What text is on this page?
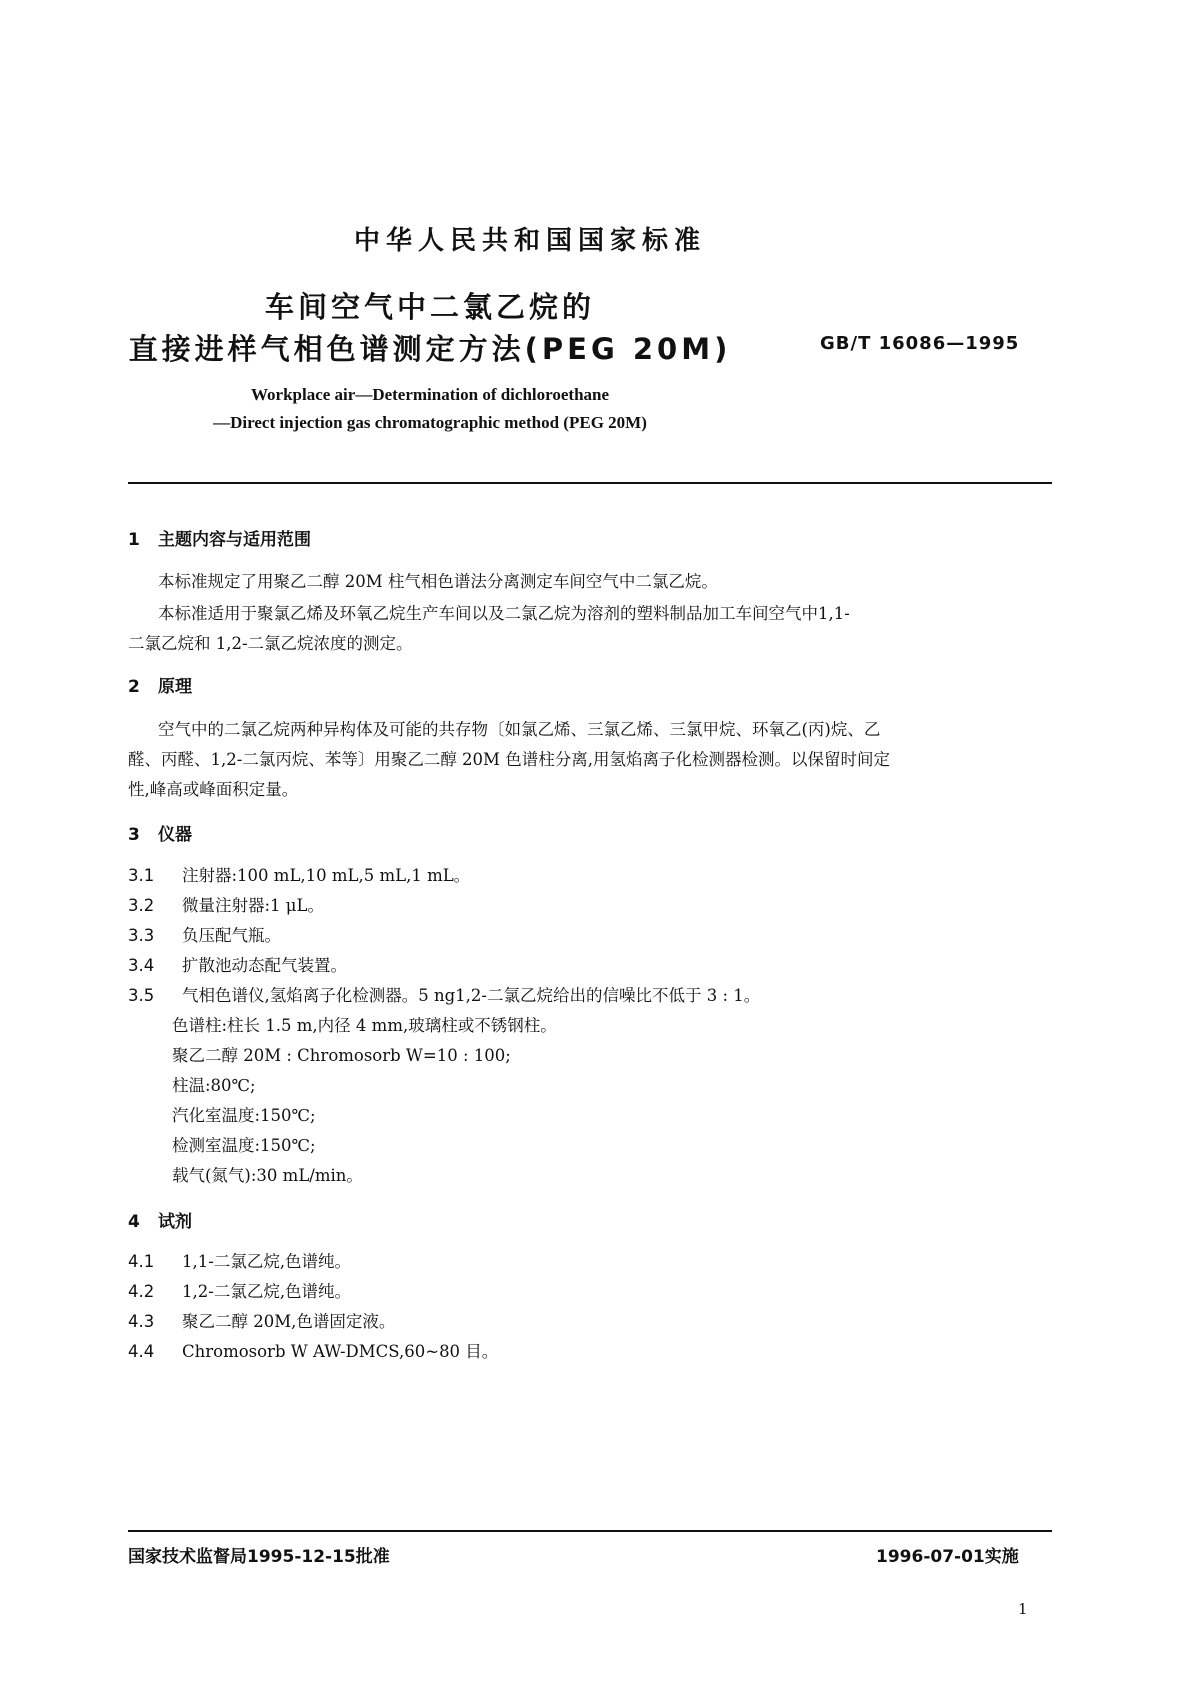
中华人民共和国国家标准
车间空气中二氯乙烷的
直接进样气相色谱测定方法(PEG 20M)	GB/T 16086—1995
Workplace air—Determination of dichloroethane
—Direct injection gas chromatographic method (PEG 20M)
1 主题内容与适用范围
本标准规定了用聚乙二醇 20M 柱气相色谱法分离测定车间空气中二氯乙烷。
本标准适用于聚氯乙烯及环氧乙烷生产车间以及二氯乙烷为溶剂的塑料制品加工车间空气中1,1-
二氯乙烷和 1,2-二氯乙烷浓度的测定。
2 原理
空气中的二氯乙烷两种异构体及可能的共存物〔如氯乙烯、三氯乙烯、三氯甲烷、环氧乙(丙)烷、乙
醛、丙醛、1,2-二氯丙烷、苯等〕用聚乙二醇 20M 色谱柱分离,用氢焰离子化检测器检测。以保留时间定
性,峰高或峰面积定量。
3 仪器
3.1 注射器:100 mL,10 mL,5 mL,1 mL。
3.2 微量注射器:1 μL。
3.3 负压配气瓶。
3.4 扩散池动态配气装置。
3.5 气相色谱仪,氢焰离子化检测器。5 ng1,2-二氯乙烷给出的信噪比不低于 3 : 1。
色谱柱:柱长 1.5 m,内径 4 mm,玻璃柱或不锈钢柱。
聚乙二醇 20M : Chromosorb W=10 : 100;
柱温:80℃;
汽化室温度:150℃;
检测室温度:150℃;
载气(氮气):30 mL/min。
4 试剂
4.1 1,1-二氯乙烷,色谱纯。
4.2 1,2-二氯乙烷,色谱纯。
4.3 聚乙二醇 20M,色谱固定液。
4.4 Chromosorb W AW-DMCS,60~80 目。
国家技术监督局1995-12-15批准	1996-07-01实施
1
